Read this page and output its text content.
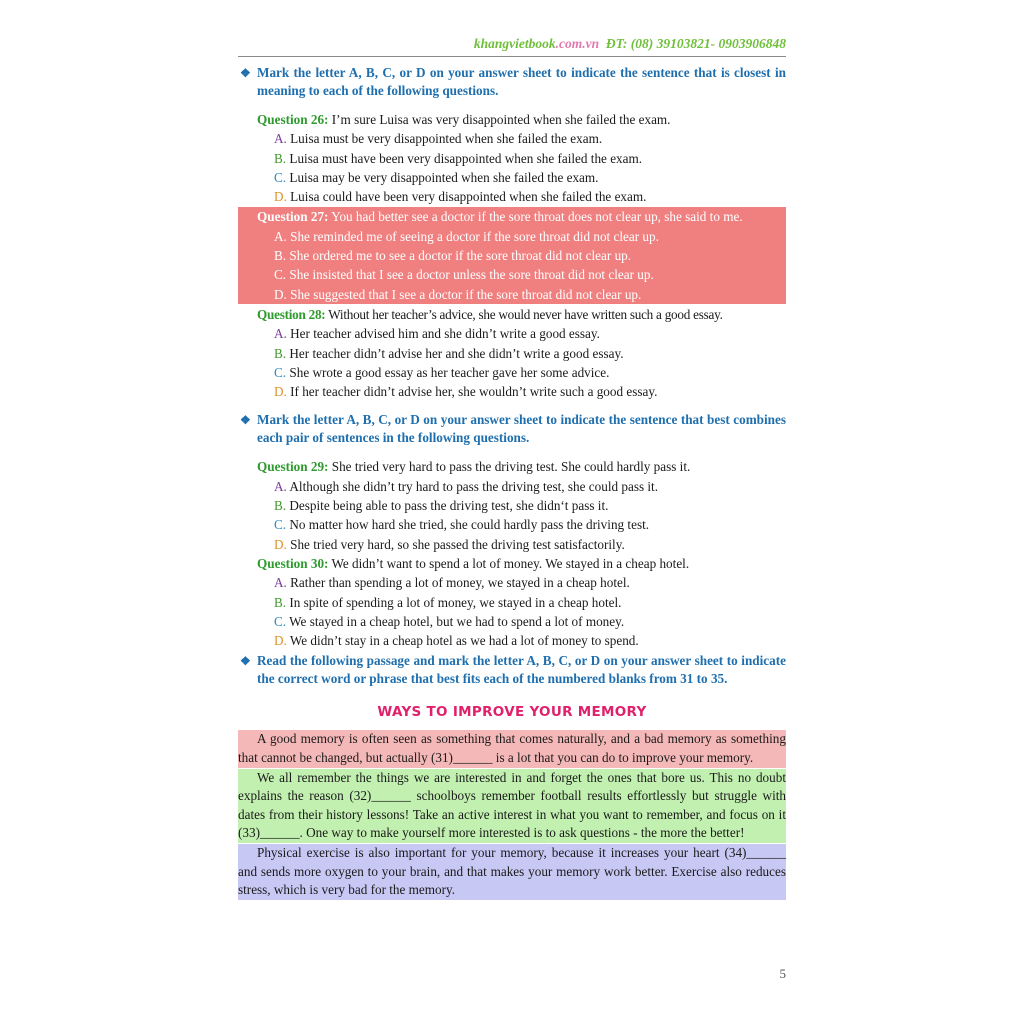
khangvietbook.com.vn ĐT: (08) 39103821- 0903906848
❖ Mark the letter A, B, C, or D on your answer sheet to indicate the sentence that is closest in meaning to each of the following questions.
Question 26: I’m sure Luisa was very disappointed when she failed the exam.
A. Luisa must be very disappointed when she failed the exam.
B. Luisa must have been very disappointed when she failed the exam.
C. Luisa may be very disappointed when she failed the exam.
D. Luisa could have been very disappointed when she failed the exam.
Question 27: You had better see a doctor if the sore throat does not clear up, she said to me.
A. She reminded me of seeing a doctor if the sore throat did not clear up.
B. She ordered me to see a doctor if the sore throat did not clear up.
C. She insisted that I see a doctor unless the sore throat did not clear up.
D. She suggested that I see a doctor if the sore throat did not clear up.
Question 28: Without her teacher’s advice, she would never have written such a good essay.
A. Her teacher advised him and she didn’t write a good essay.
B. Her teacher didn’t advise her and she didn’t write a good essay.
C. She wrote a good essay as her teacher gave her some advice.
D. If her teacher didn’t advise her, she wouldn’t write such a good essay.
❖ Mark the letter A, B, C, or D on your answer sheet to indicate the sentence that best combines each pair of sentences in the following questions.
Question 29: She tried very hard to pass the driving test. She could hardly pass it.
A. Although she didn’t try hard to pass the driving test, she could pass it.
B. Despite being able to pass the driving test, she didn‘t pass it.
C. No matter how hard she tried, she could hardly pass the driving test.
D. She tried very hard, so she passed the driving test satisfactorily.
Question 30: We didn’t want to spend a lot of money. We stayed in a cheap hotel.
A. Rather than spending a lot of money, we stayed in a cheap hotel.
B. In spite of spending a lot of money, we stayed in a cheap hotel.
C. We stayed in a cheap hotel, but we had to spend a lot of money.
D. We didn’t stay in a cheap hotel as we had a lot of money to spend.
❖ Read the following passage and mark the letter A, B, C, or D on your answer sheet to indicate the correct word or phrase that best fits each of the numbered blanks from 31 to 35.
WAYS TO IMPROVE YOUR MEMORY
A good memory is often seen as something that comes naturally, and a bad memory as something that cannot be changed, but actually (31)______ is a lot that you can do to improve your memory.
We all remember the things we are interested in and forget the ones that bore us. This no doubt explains the reason (32)______ schoolboys remember football results effortlessly but struggle with dates from their history lessons! Take an active interest in what you want to remember, and focus on it (33)______. One way to make yourself more interested is to ask questions - the more the better!
Physical exercise is also important for your memory, because it increases your heart (34)______ and sends more oxygen to your brain, and that makes your memory work better. Exercise also reduces stress, which is very bad for the memory.
5
